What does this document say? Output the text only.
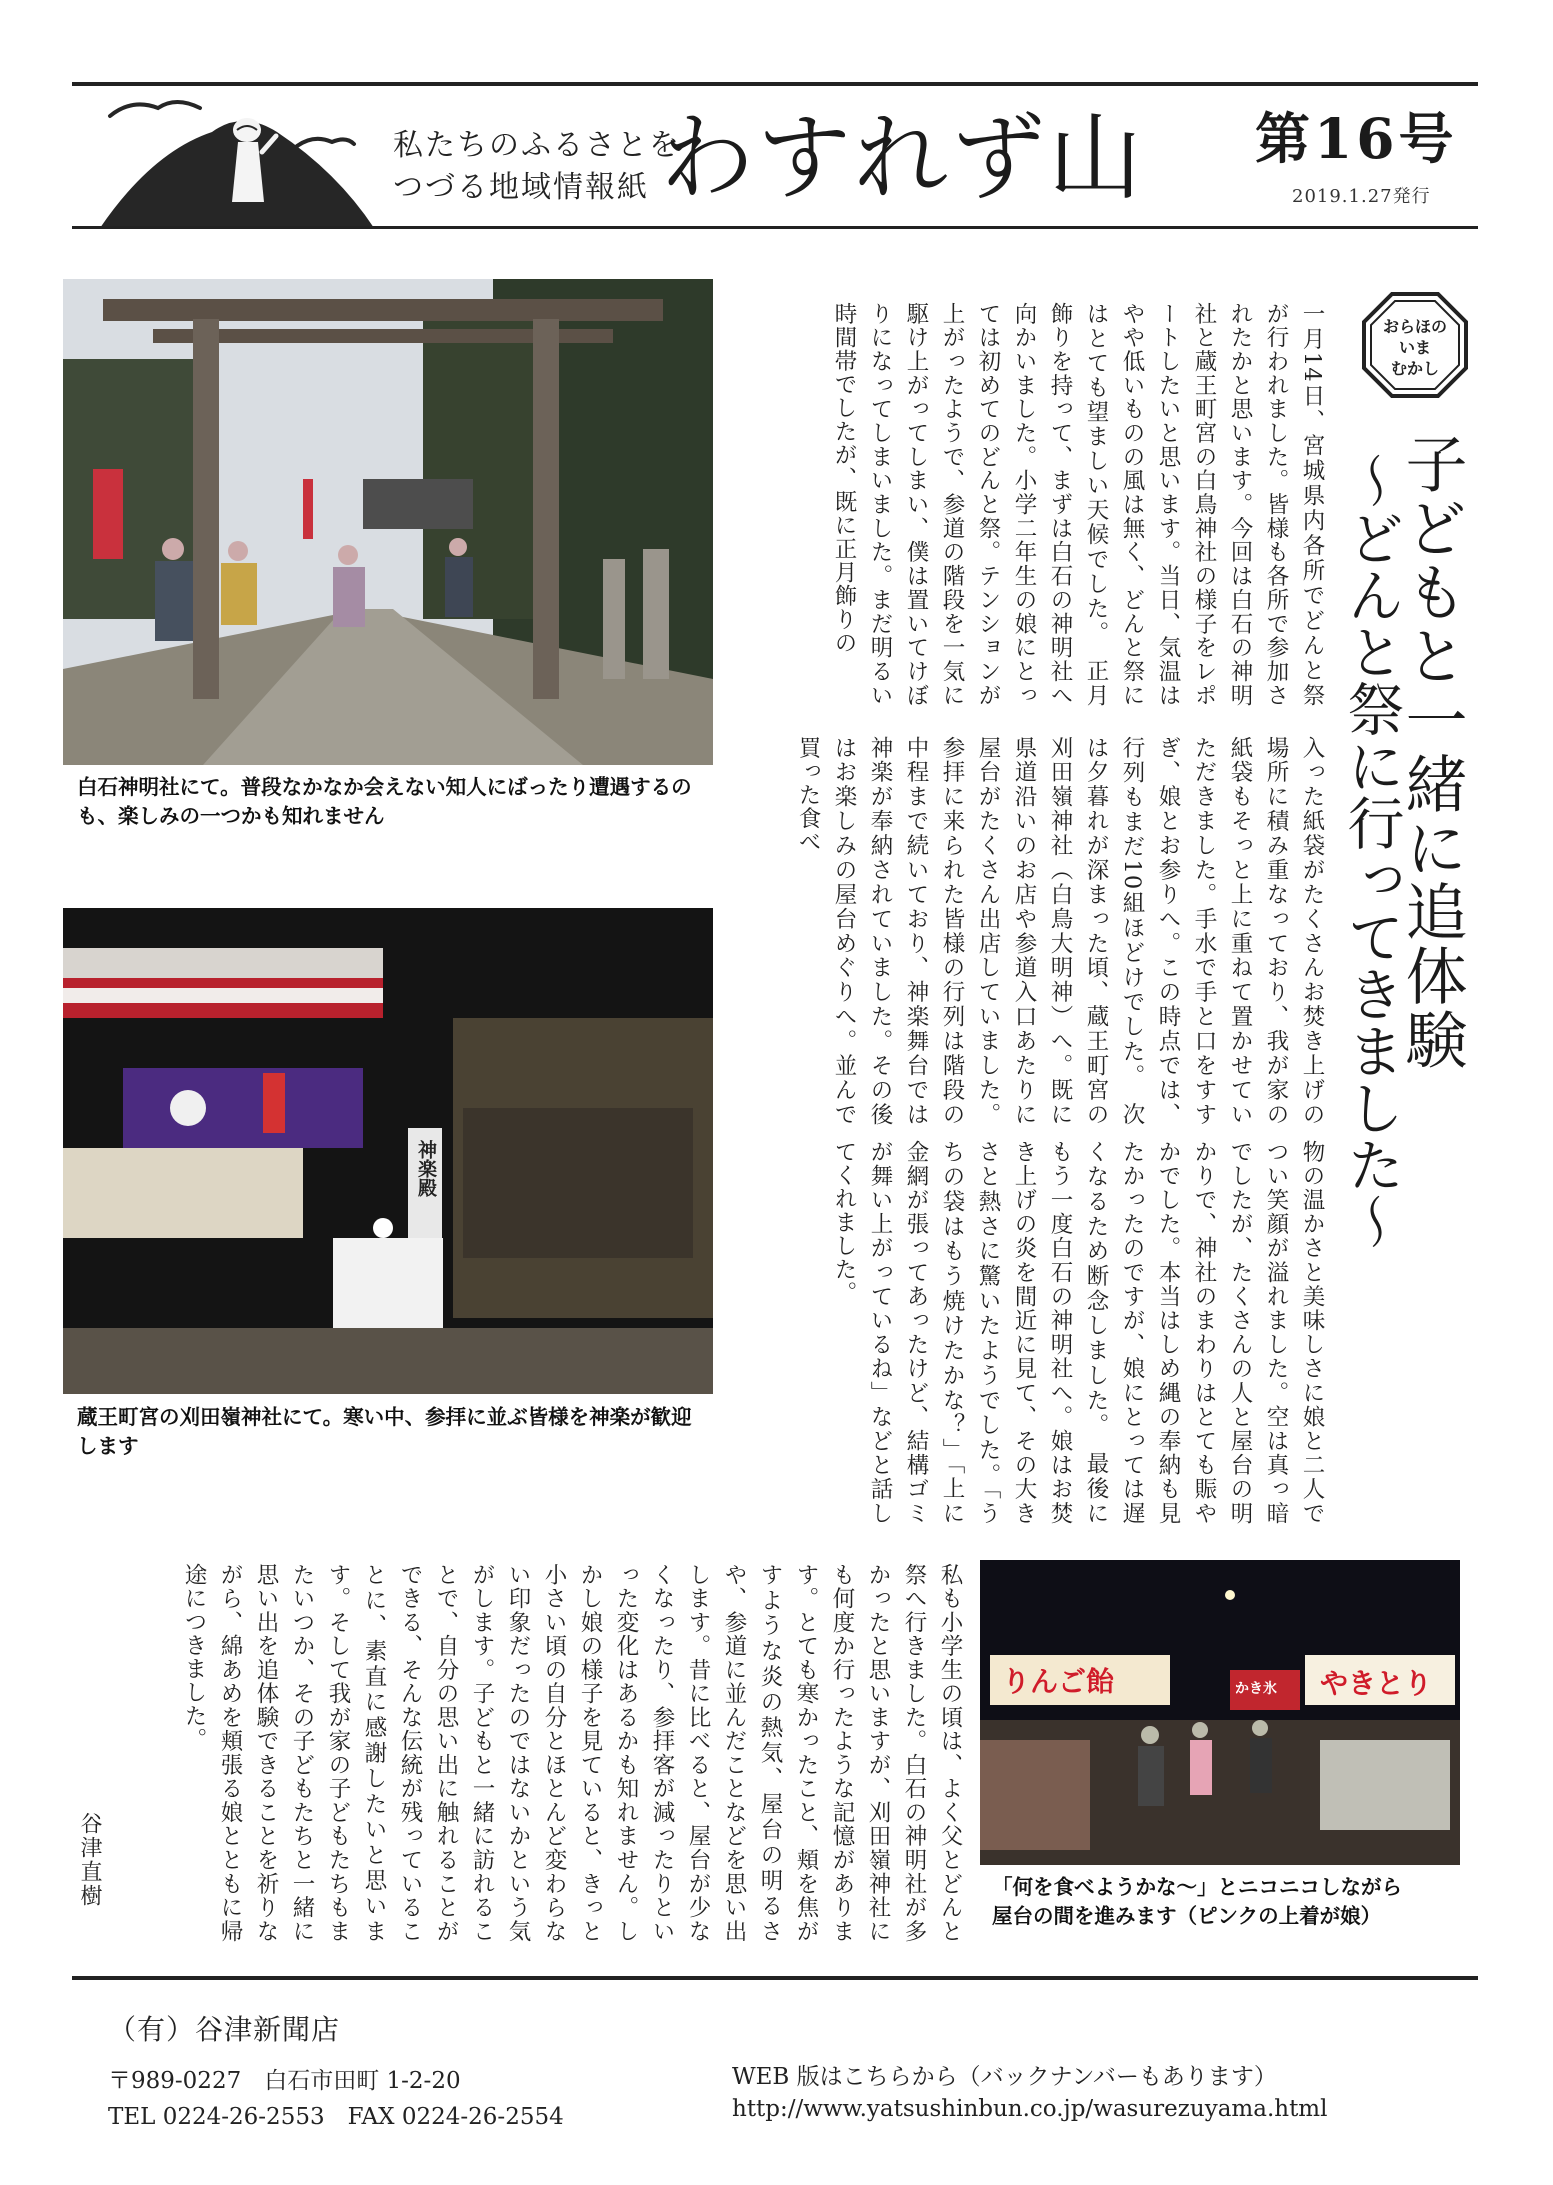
私たちのふるさとを
つづる地域情報紙 わすれず山 第16号
2019.1.27発行
白石神明社にて。普段なかなか会えない知人にばったり遭遇するのも、楽しみの一つかも知れません
神楽殿
蔵王町宮の刈田嶺神社にて。寒い中、参拝に並ぶ皆様を神楽が歓迎します
りんご飴	やきとり
かき氷
「何を食べようかな～」とニコニコしながら
屋台の間を進みます（ピンクの上着が娘）
おらほの
いま
むかし
子どもと一緒に追体験
～どんと祭に行ってきました～
一月14日、宮城県内各所でどんと祭が行われました。皆様も各所で参加されたかと思います。今回は白石の神明社と蔵王町宮の白鳥神社の様子をレポートしたいと思います。当日、気温はやや低いものの風は無く、どんと祭にはとても望ましい天候でした。　正月飾りを持って、まずは白石の神明社へ向かいました。小学二年生の娘にとっては初めてのどんと祭。テンションが上がったようで、参道の階段を一気に駆け上がってしまい、僕は置いてけぼりになってしまいました。まだ明るい時間帯でしたが、既に正月飾りの
入った紙袋がたくさんお焚き上げの場所に積み重なっており、我が家の紙袋もそっと上に重ねて置かせていただきました。手水で手と口をすすぎ、娘とお参りへ。この時点では、行列もまだ10組ほどけでした。　次は夕暮れが深まった頃、蔵王町宮の刈田嶺神社（白鳥大明神）へ。既に県道沿いのお店や参道入口あたりに屋台がたくさん出店していました。参拝に来られた皆様の行列は階段の中程まで続いており、神楽舞台では神楽が奉納されていました。その後はお楽しみの屋台めぐりへ。並んで買った食べ
物の温かさと美味しさに娘と二人でつい笑顔が溢れました。空は真っ暗でしたが、たくさんの人と屋台の明かりで、神社のまわりはとても賑やかでした。本当はしめ縄の奉納も見たかったのですが、娘にとっては遅くなるため断念しました。　最後にもう一度白石の神明社へ。娘はお焚き上げの炎を間近に見て、その大きさと熱さに驚いたようでした。「うちの袋はもう焼けたかな？」「上に金網が張ってあったけど、結構ゴミが舞い上がっているね」などと話してくれました。
私も小学生の頃は、よく父とどんと祭へ行きました。白石の神明社が多かったと思いますが、刈田嶺神社にも何度か行ったような記憶があります。とても寒かったこと、頬を焦がすような炎の熱気、屋台の明るさや、参道に並んだことなどを思い出します。昔に比べると、屋台が少なくなったり、参拝客が減ったりといった変化はあるかも知れません。しかし娘の様子を見ていると、きっと小さい頃の自分とほとんど変わらない印象だったのではないかという気がします。子どもと一緒に訪れることで、自分の思い出に触れることができる、そんな伝統が残っていることに、素直に感謝したいと思います。そして我が家の子どもたちもまたいつか、その子どもたちと一緒に思い出を追体験できることを祈りながら、綿あめを頬張る娘とともに帰途につきました。
谷津直樹
（有）谷津新聞店
〒989-0227　白石市田町 1-2-20
TEL 0224-26-2553　FAX 0224-26-2554
WEB 版はこちらから（バックナンバーもあります）
http://www.yatsushinbun.co.jp/wasurezuyama.html
